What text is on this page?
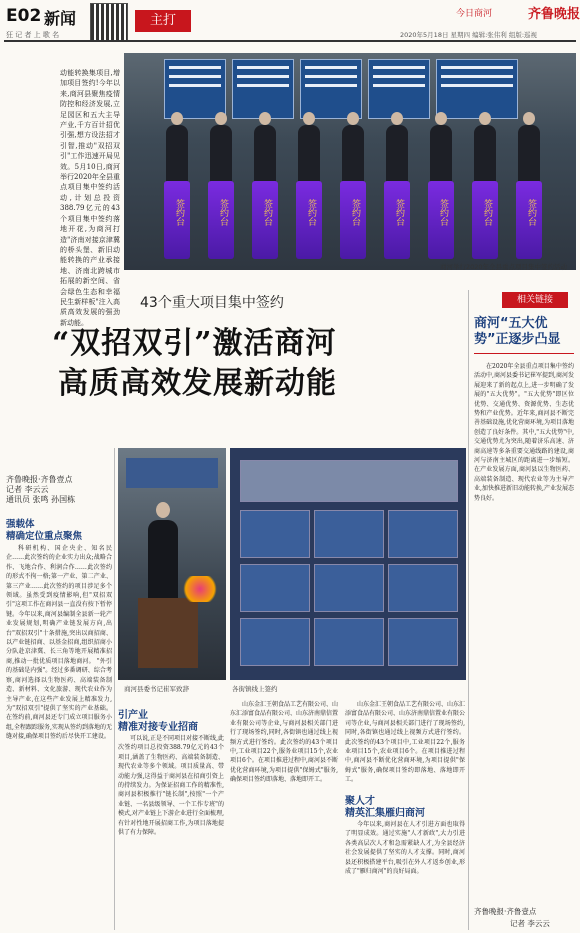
E02 新闻	主打	今日商河	齐鲁晚报
狂 记 者 上 歌 名	2020年5月18日 星期四 编辑:张伟利 组版:巡视
动能转换集项目,增加项目签约!今年以来,商河县聚焦疫情防控和经济发展,立足园区和五大主导产业,千方百计招优引强,想方设法招才引智,推动"双招双引"工作迅速开局见效。5月10日,商河举行2020年全县重点项目集中签约活动,计划总投资388.79亿元的43个项目集中签约落地开花,为商河打造"济南对接京津冀的桥头堡、新旧动能转换的产业承接地、济南北跨城市拓展的新空间、省会绿色生态和幸福民生新样板"注入高质高效发展的强劲新动能。
签约台	签约台	签约台	签约台	签约台	签约台	签约台	签约台	签约台
商河举行2020年全县重点项目集中签约活动
43个重大项目集中签约
“双招双引”激活商河
高质高效发展新动能
相关链接
商河“五大优势”正逐步凸显
在2020年全县重点项目集中签约活动中,商河县委书记崔军提到,商河发展迎来了新的起点上,进一步明确了发展的"五大优势"。"五大优势"即区位优势、交通优势、资源优势、生态优势和产业优势。近年来,商河县不断完善基础设施,优化营商环境,为项目落地创造了良好条件。其中,"五大优势"中,交通优势尤为突出,随着济乐高速、济商高速等多条重要交通线路的建设,商河与济南主城区的距离进一步缩短。在产业发展方面,商河县以生物医药、高端装备制造、现代农业等为主导产业,加快推进新旧动能转换,产业发展态势良好。
齐鲁晚报·齐鲁壹点
记者 李云云
齐鲁晚报·齐鲁壹点
记者 李云云
通讯员 张鸣 孙国栋
强载体
精确定位重点聚焦
科研机构、国企央企、知名民企……此次签约的企业实力出众;战略合作、飞地合作、利润合作……此次签约的形式不拘一格;第一产业、第二产业、第三产业……此次签约的项目涉足多个领域。虽然受到疫情影响,但"双招双引"这项工作在商河县一直没有按下暂停键。今年以来,商河县编制全县新一轮产业发展规划,明确产业链发展方向,出台"双招双引"十条措施,突出以商招商、以产业链招商、以基金招商,组织招商小分队赴京津冀、长三角等地开展精准招商,推动一批优质项目落地商河。 "外引的基础是内强"。经过多番调研、综合考察,商河选择以生物医药、高端装备制造、新材料、文化旅游、现代农业作为主导产业,在这些产业发展上精准发力,为"双招双引"提供了坚实的产业基础。在签约前,商河县还专门成立项目服务小组,全程跟踪服务,实现从签约到落地的无缝对接,确保项目签约后尽快开工建设。
商河县委书记崔军致辞	各街镇线上签约
引产业
精准对接专业招商
可以说,正是不同项目对接不断线,此次签约项目总投资388.79亿元的43个项目,涵盖了生物医药、高端装备制造、现代农业等多个领域。项目质量高、带动能力强,这得益于商河县在招商引资上的持续发力。为保证招商工作的精准性,商河县积极推行"链长制",按照"一个产业链、一名县级领导、一个工作专班"的模式,对产业链上下游企业进行全面梳理,有针对性地开展招商工作,为项目落地提供了有力保障。
山东金汇王朝食品工艺有限公司、山东汇添富食品有限公司、山东济南鼎信置业有限公司等企业,与商河县相关部门进行了现场签约,同时,各街镇也通过线上视频方式进行签约。此次签约的43个项目中,工业项目22个,服务业项目15个,农业项目6个。在项目推进过程中,商河县不断优化营商环境,为项目提供"保姆式"服务,确保项目签约即落地、落地即开工。
山东金汇王朝食品工艺有限公司、山东汇添富食品有限公司、山东济南鼎信置业有限公司等企业,与商河县相关部门进行了现场签约,同时,各街镇也通过线上视频方式进行签约。此次签约的43个项目中,工业项目22个,服务业项目15个,农业项目6个。在项目推进过程中,商河县不断优化营商环境,为项目提供"保姆式"服务,确保项目签约即落地、落地即开工。
聚人才
精英汇集雁归商河
今年以来,商河县在人才引进方面也取得了明显成效。通过实施"人才新政",大力引进各类高层次人才和急需紧缺人才,为全县经济社会发展提供了坚实的人才支撑。同时,商河县还积极搭建平台,吸引在外人才返乡创业,形成了"雁归商河"的良好局面。
